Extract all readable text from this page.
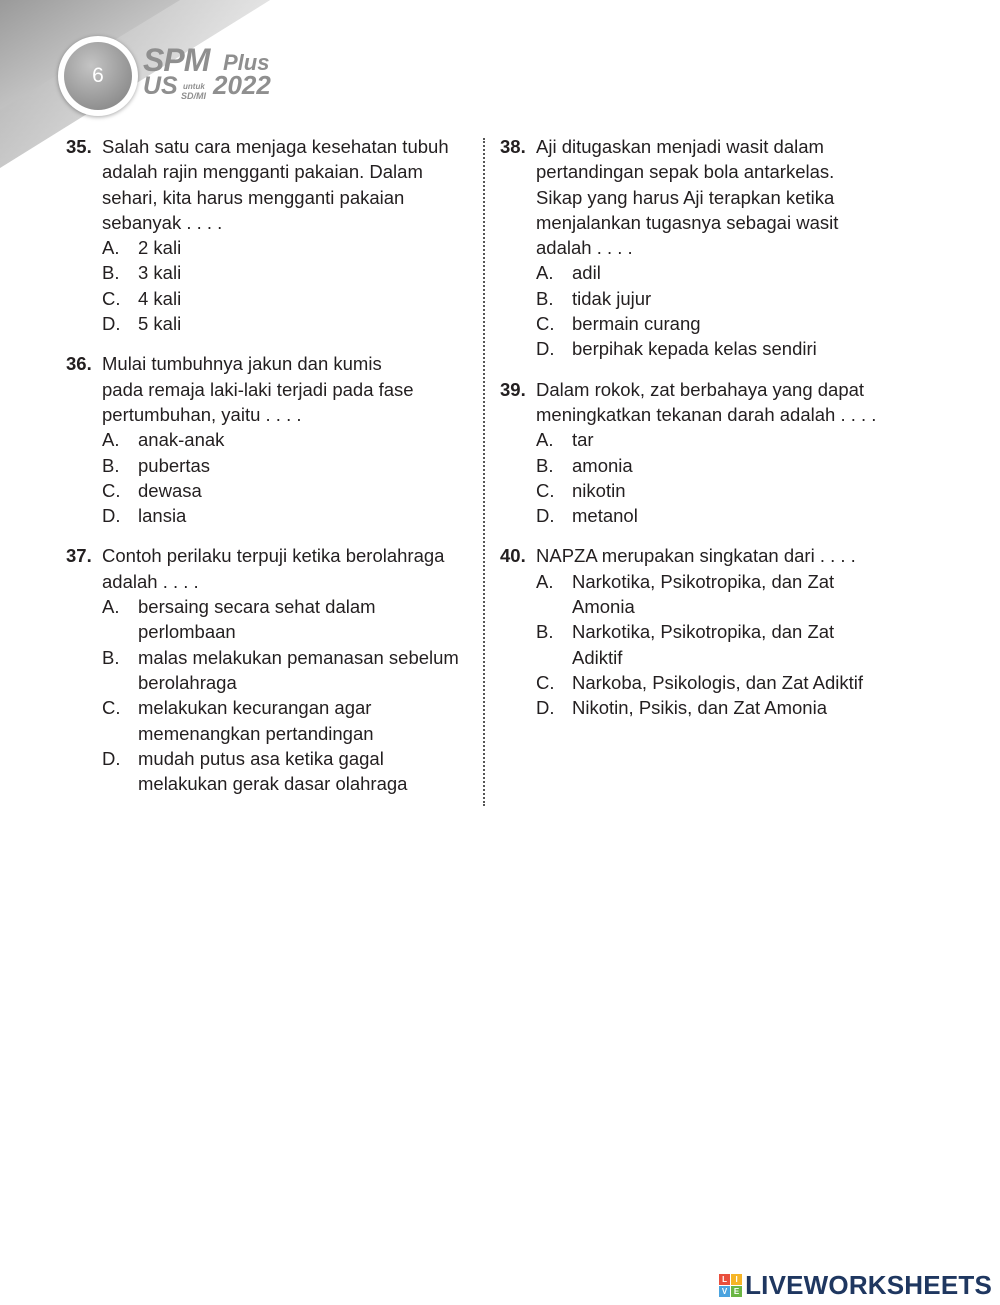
6	SPM Plus
US untuk
SD/MI 2022
35. Salah satu cara menjaga kesehatan tubuh
adalah rajin mengganti pakaian. Dalam
sehari, kita harus mengganti pakaian
sebanyak . . . .
A.	2 kali
B.	3 kali
C. 4 kali
D. 5 kali
36. Mulai tumbuhnya jakun dan kumis
pada remaja laki-laki terjadi pada fase
pertumbuhan, yaitu . . . .
A.	anak-anak
B.	pubertas
C. dewasa
D. lansia
37. Contoh perilaku terpuji ketika berolahraga
adalah . . . .
A.	bersaing secara sehat dalam
perlombaan
B.	malas melakukan pemanasan sebelum
berolahraga
C. melakukan kecurangan agar
memenangkan pertandingan
D. mudah putus asa ketika gagal
melakukan gerak dasar olahraga
38. Aji ditugaskan menjadi wasit dalam
pertandingan sepak bola antarkelas.
Sikap yang harus Aji terapkan ketika
menjalankan tugasnya sebagai wasit
adalah . . . .
A.	adil
B.	tidak jujur
C. bermain curang
D. berpihak kepada kelas sendiri
39. Dalam rokok, zat berbahaya yang dapat
meningkatkan tekanan darah adalah . . . .
A.	tar
B.	amonia
C. nikotin
D. metanol
40. NAPZA merupakan singkatan dari . . . .
A.	Narkotika, Psikotropika, dan Zat
Amonia
B.	Narkotika, Psikotropika, dan Zat
Adiktif
C. Narkoba, Psikologis, dan Zat Adiktif
D. Nikotin, Psikis, dan Zat Amonia
L	I
V E LIVEWORKSHEETS
